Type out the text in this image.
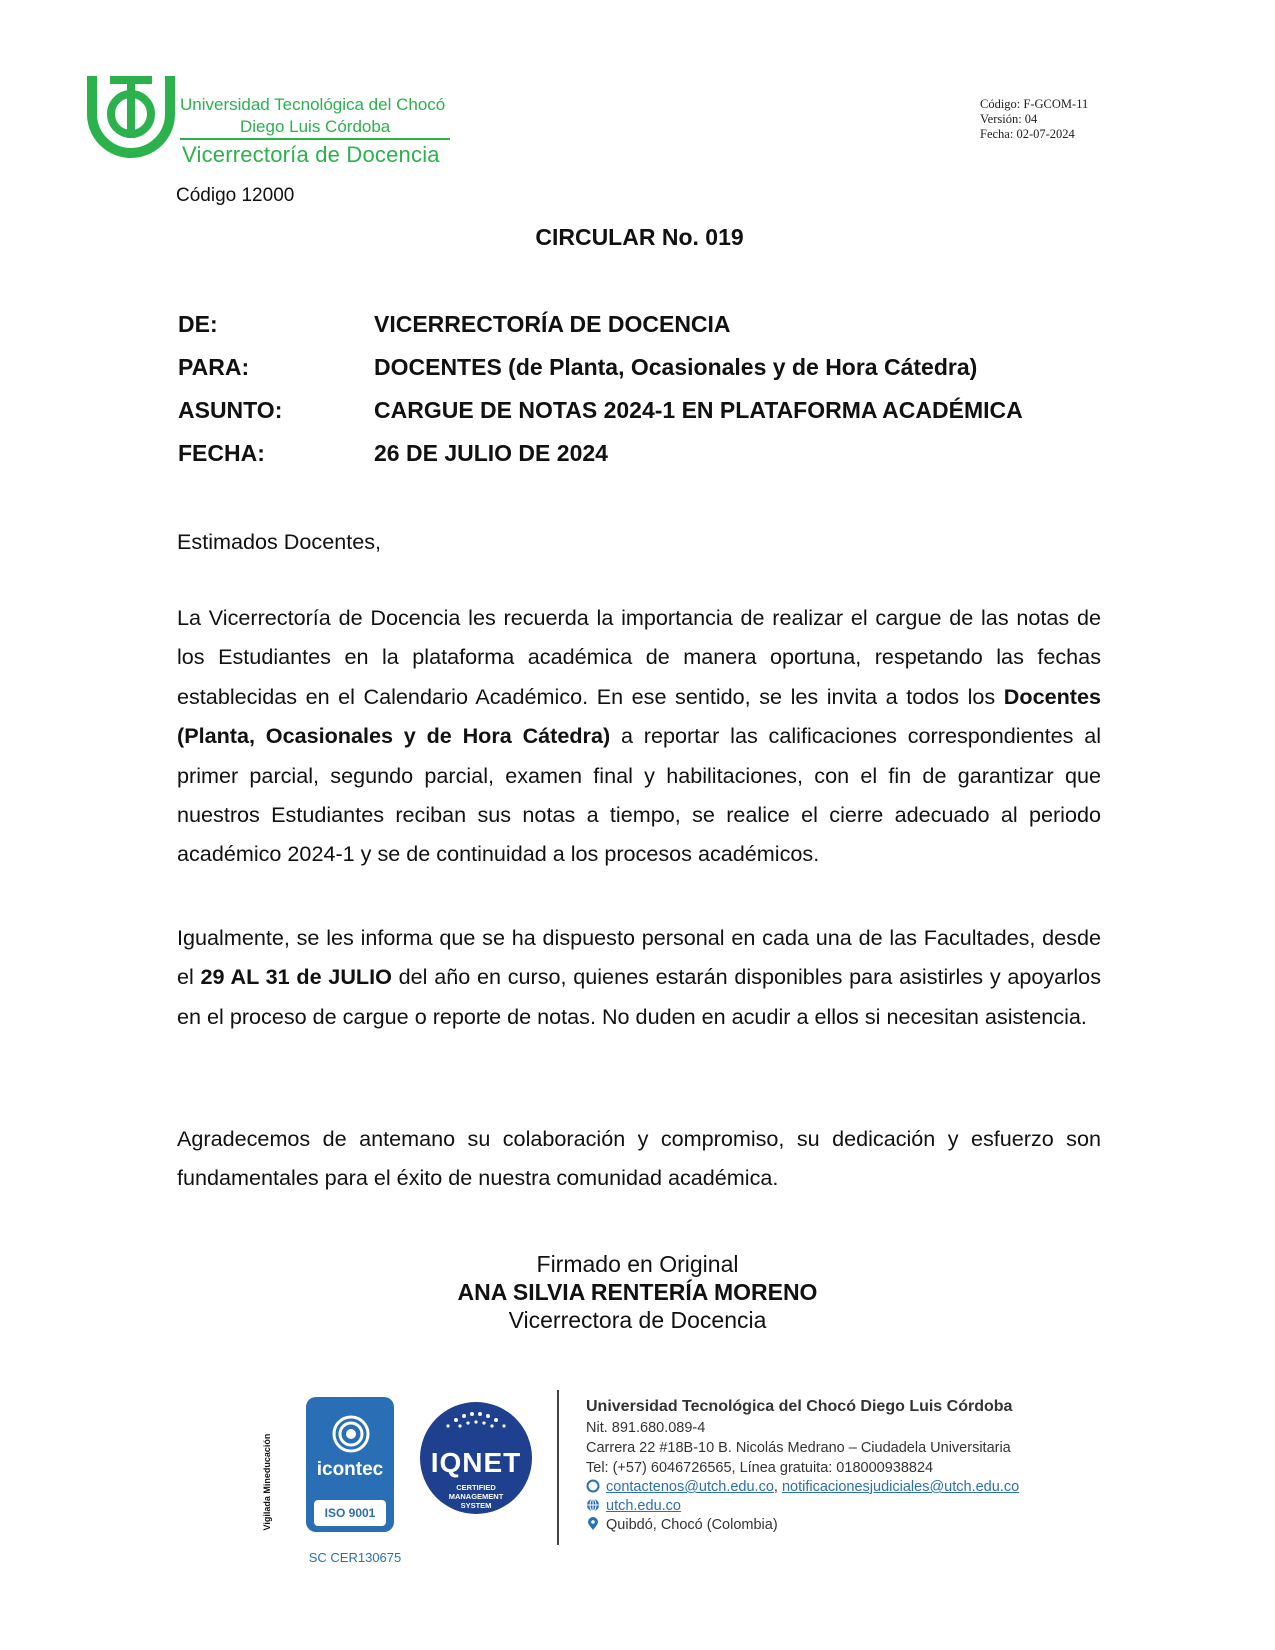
Universidad Tecnológica del Chocó
Diego Luis Córdoba
Vicerrectoría de Docencia
Código: F-GCOM-11
Versión: 04
Fecha: 02-07-2024
Código 12000
CIRCULAR No. 019
DE:	VICERRECTORÍA DE DOCENCIA
PARA:	DOCENTES (de Planta, Ocasionales y de Hora Cátedra)
ASUNTO:	CARGUE DE NOTAS 2024-1 EN PLATAFORMA ACADÉMICA
FECHA:	26 DE JULIO DE 2024
Estimados Docentes,
La Vicerrectoría de Docencia les recuerda la importancia de realizar el cargue de las notas de los Estudiantes en la plataforma académica de manera oportuna, respetando las fechas establecidas en el Calendario Académico. En ese sentido, se les invita a todos los Docentes (Planta, Ocasionales y de Hora Cátedra) a reportar las calificaciones correspondientes al primer parcial, segundo parcial, examen final y habilitaciones, con el fin de garantizar que nuestros Estudiantes reciban sus notas a tiempo, se realice el cierre adecuado al periodo académico 2024-1 y se de continuidad a los procesos académicos.
Igualmente, se les informa que se ha dispuesto personal en cada una de las Facultades, desde el 29 AL 31 de JULIO del año en curso, quienes estarán disponibles para asistirles y apoyarlos en el proceso de cargue o reporte de notas. No duden en acudir a ellos si necesitan asistencia.
Agradecemos de antemano su colaboración y compromiso, su dedicación y esfuerzo son fundamentales para el éxito de nuestra comunidad académica.
Firmado en Original
ANA SILVIA RENTERÍA MORENO
Vicerrectora de Docencia
Vigilada Mineducación	icontec
ISO 9001
SC CER130675
IQNET
CERTIFIED
MANAGEMENT
SYSTEM
Universidad Tecnológica del Chocó Diego Luis Córdoba
Nit. 891.680.089-4
Carrera 22 #18B-10 B. Nicolás Medrano – Ciudadela Universitaria
Tel: (+57) 6046726565, Línea gratuita: 018000938824
contactenos@utch.edu.co, notificacionesjudiciales@utch.edu.co
utch.edu.co
Quibdó, Chocó (Colombia)
